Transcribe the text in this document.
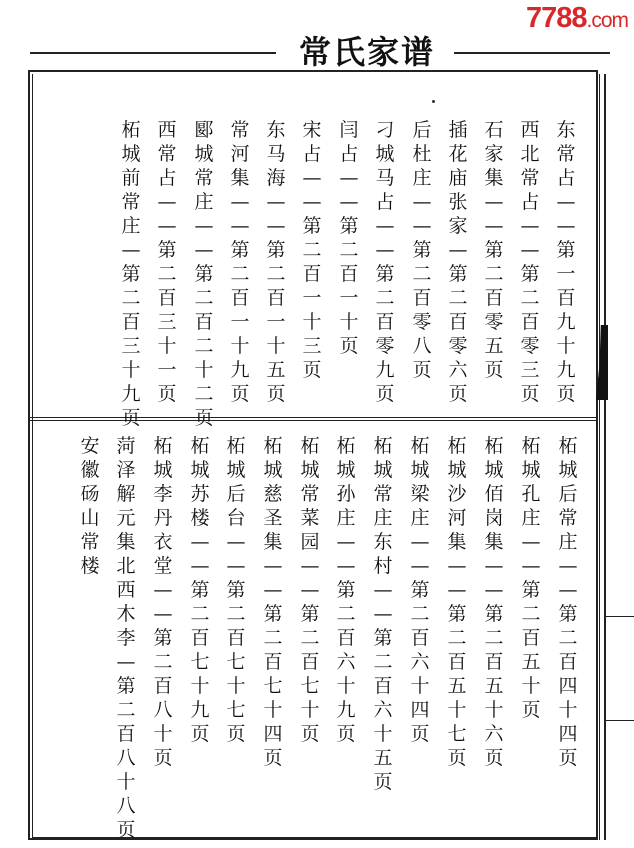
7788.com
常氏家谱
东常占——第一百九十九页
西北常占——第二百零三页
石家集——第二百零五页
插花庙张家—第二百零六页
后杜庄——第二百零八页
刁城马占——第二百零九页
闫 占——第二百一十页
宋 占——第二百一十三页
东马海——第二百一十五页
常河集——第二百一十九页
郾城常庄——第二百二十二页
西常占——第二百三十一页
柘城前常庄—第二百三十九页
柘城后常庄——第二百四十四页
柘城孔庄——第二百五十页
柘城佰岗集——第二百五十六页
柘城沙河集——第二百五十七页
柘城梁庄——第二百六十四页
柘城常庄东村——第二百六十五页
柘城孙庄——第二百六十九页
柘城常菜园——第二百七十页
柘城慈圣集——第二百七十四页
柘城后台——第二百七十七页
柘城苏楼——第二百七十九页
柘城李丹衣堂——第二百八十页
菏泽解元集北西木李—第二百八十八页
安徽砀山常楼
